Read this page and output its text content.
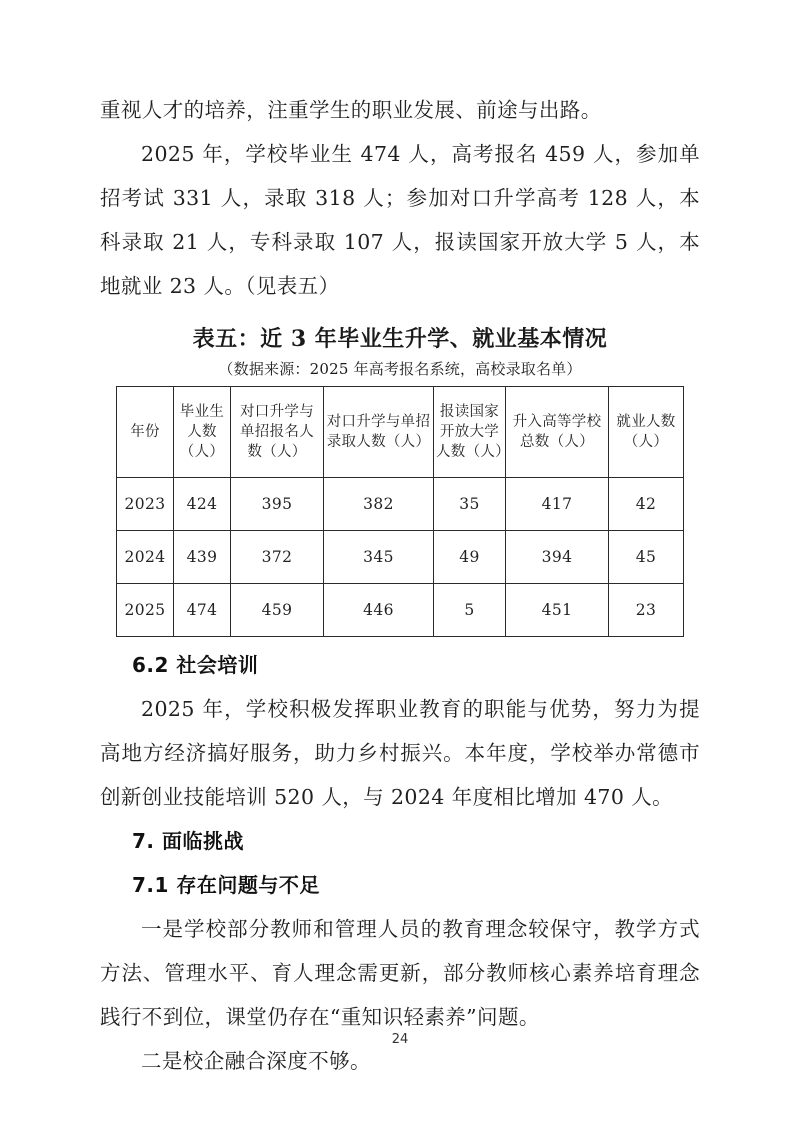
重视人才的培养，注重学生的职业发展、前途与出路。

2025 年，学校毕业生 474 人，高考报名 459 人，参加单招考试 331 人，录取 318 人；参加对口升学高考 128 人，本科录取 21 人，专科录取 107 人，报读国家开放大学 5 人，本地就业 23 人。（见表五）

表五：近 3 年毕业生升学、就业基本情况
（数据来源：2025 年高考报名系统，高校录取名单）
年份	毕业生人数（人）	对口升学与单招报名人数（人）	对口升学与单招录取人数（人）	报读国家开放大学人数（人）	升入高等学校总数（人）	就业人数（人）
2023	424	395	382	35	417	42
2024	439	372	345	49	394	45
2025	474	459	446	5	451	23
6.2 社会培训

2025 年，学校积极发挥职业教育的职能与优势，努力为提高地方经济搞好服务，助力乡村振兴。本年度，学校举办常德市创新创业技能培训 520 人，与 2024 年度相比增加 470 人。

7. 面临挑战
7.1 存在问题与不足

一是学校部分教师和管理人员的教育理念较保守，教学方式方法、管理水平、育人理念需更新，部分教师核心素养培育理念践行不到位，课堂仍存在“重知识轻素养”问题。

二是校企融合深度不够。

24
